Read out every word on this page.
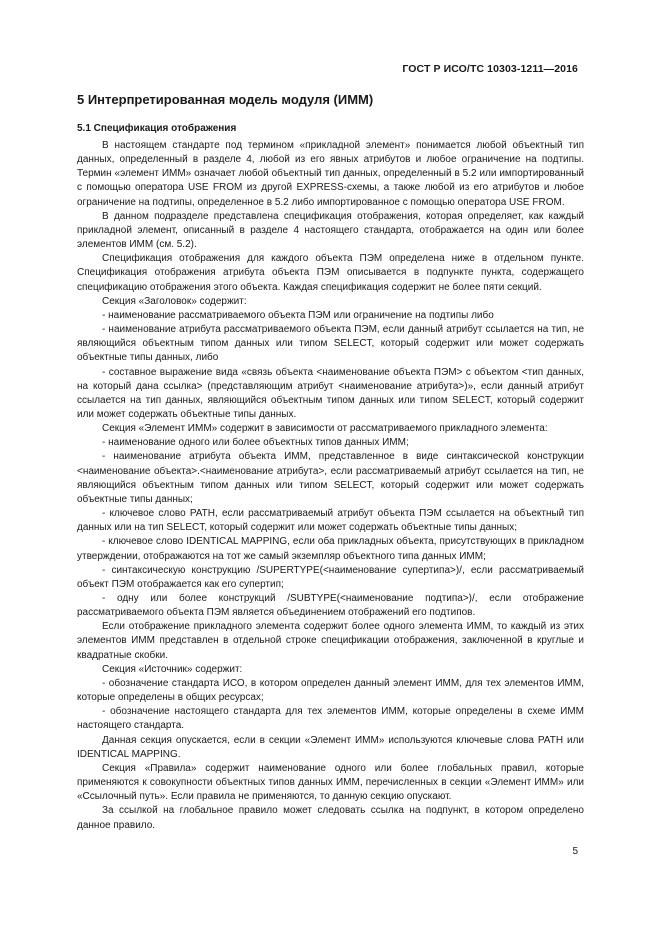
ГОСТ Р ИСО/ТС 10303-1211—2016
5 Интерпретированная модель модуля (ИММ)
5.1 Спецификация отображения

В настоящем стандарте под термином «прикладной элемент» понимается любой объектный тип данных, определенный в разделе 4, любой из его явных атрибутов и любое ограничение на подтипы. Термин «элемент ИММ» означает любой объектный тип данных, определенный в 5.2 или импортированный с помощью оператора USE FROM из другой EXPRESS-схемы, а также любой из его атрибутов и любое ограничение на подтипы, определенное в 5.2 либо импортированное с помощью оператора USE FROM.

В данном подразделе представлена спецификация отображения, которая определяет, как каждый прикладной элемент, описанный в разделе 4 настоящего стандарта, отображается на один или более элементов ИММ (см. 5.2).

Спецификация отображения для каждого объекта ПЭМ определена ниже в отдельном пункте. Спецификация отображения атрибута объекта ПЭМ описывается в подпункте пункта, содержащего спецификацию отображения этого объекта. Каждая спецификация содержит не более пяти секций.

Секция «Заголовок» содержит:

- наименование рассматриваемого объекта ПЭМ или ограничение на подтипы либо

- наименование атрибута рассматриваемого объекта ПЭМ, если данный атрибут ссылается на тип, не являющийся объектным типом данных или типом SELECT, который содержит или может содержать объектные типы данных, либо

- составное выражение вида «связь объекта <наименование объекта ПЭМ> с объектом <тип данных, на который дана ссылка> (представляющим атрибут <наименование атрибута>)», если данный атрибут ссылается на тип данных, являющийся объектным типом данных или типом SELECT, который содержит или может содержать объектные типы данных.

Секция «Элемент ИММ» содержит в зависимости от рассматриваемого прикладного элемента:

- наименование одного или более объектных типов данных ИММ;

- наименование атрибута объекта ИММ, представленное в виде синтаксической конструкции <наименование объекта>.<наименование атрибута>, если рассматриваемый атрибут ссылается на тип, не являющийся объектным типом данных или типом SELECT, который содержит или может содержать объектные типы данных;

- ключевое слово PATH, если рассматриваемый атрибут объекта ПЭМ ссылается на объектный тип данных или на тип SELECT, который содержит или может содержать объектные типы данных;

- ключевое слово IDENTICAL MAPPING, если оба прикладных объекта, присутствующих в прикладном утверждении, отображаются на тот же самый экземпляр объектного типа данных ИММ;

- синтаксическую конструкцию /SUPERTYPE(<наименование супертипа>)/, если рассматриваемый объект ПЭМ отображается как его супертип;

- одну или более конструкций /SUBTYPE(<наименование подтипа>)/, если отображение рассматриваемого объекта ПЭМ является объединением отображений его подтипов.

Если отображение прикладного элемента содержит более одного элемента ИММ, то каждый из этих элементов ИММ представлен в отдельной строке спецификации отображения, заключенной в круглые и квадратные скобки.

Секция «Источник» содержит:

- обозначение стандарта ИСО, в котором определен данный элемент ИММ, для тех элементов ИММ, которые определены в общих ресурсах;

- обозначение настоящего стандарта для тех элементов ИММ, которые определены в схеме ИММ настоящего стандарта.

Данная секция опускается, если в секции «Элемент ИММ» используются ключевые слова PATH или IDENTICAL MAPPING.

Секция «Правила» содержит наименование одного или более глобальных правил, которые применяются к совокупности объектных типов данных ИММ, перечисленных в секции «Элемент ИММ» или «Ссылочный путь». Если правила не применяются, то данную секцию опускают.

За ссылкой на глобальное правило может следовать ссылка на подпункт, в котором определено данное правило.

5
